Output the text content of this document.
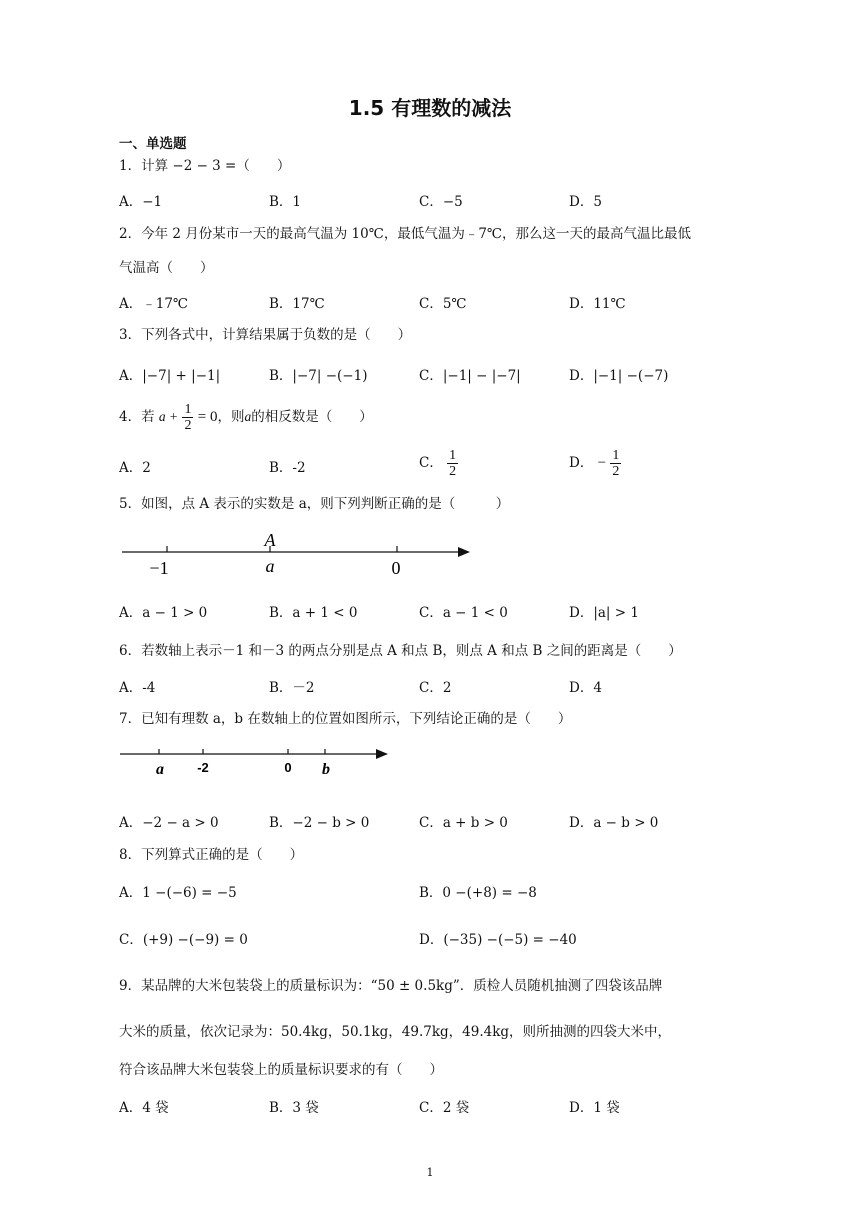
1.5 有理数的减法
一、单选题
1．计算 −2 − 3 =（　　）
A．−1	B．1	C．−5	D．5
2．今年 2 月份某市一天的最高气温为 10℃，最低气温为﹣7℃，那么这一天的最高气温比最低
气温高（　　）
A．﹣17℃	B．17℃	C．5℃	D．11℃
3．下列各式中，计算结果属于负数的是（　　）
A．|−7| + |−1|	B．|−7| −(−1)	C．|−1| − |−7|	D．|−1| −(−7)
4．若 $a + \frac{1}{2} = 0$，则a的相反数是（　　）
A．2	B．-2	C． $\frac{1}{2}$	D． − $\frac{1}{2}$
5．如图，点 A 表示的实数是 a，则下列判断正确的是（　　　）
A
−1	a	0
A．a − 1 > 0	B．a + 1 < 0	C．a − 1 < 0	D．|a| > 1
6．若数轴上表示－1 和－3 的两点分别是点 A 和点 B，则点 A 和点 B 之间的距离是（　　）
A．-4	B．－2	C．2	D．4
7．已知有理数 a，b 在数轴上的位置如图所示，下列结论正确的是（　　）
a	-2	0 b
A．−2 − a > 0	B．−2 − b > 0	C．a + b > 0	D．a − b > 0
8．下列算式正确的是（　　）
A．1 −(−6) = −5	B．0 −(+8) = −8
C．(+9) −(−9) = 0	D．(−35) −(−5) = −40
9．某品牌的大米包装袋上的质量标识为：“50 ± 0.5kg”．质检人员随机抽测了四袋该品牌
大米的质量，依次记录为：50.4kg，50.1kg，49.7kg，49.4kg，则所抽测的四袋大米中，
符合该品牌大米包装袋上的质量标识要求的有（　　）
A．4 袋	B．3 袋	C．2 袋	D．1 袋
1
